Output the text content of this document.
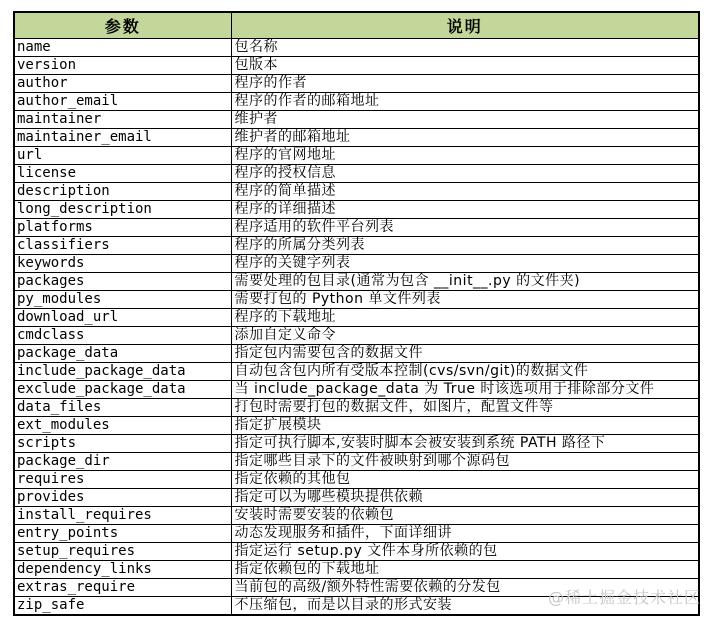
参数	说明
name	包名称
version	包版本
author	程序的作者
author_email	程序的作者的邮箱地址
maintainer	维护者
maintainer_email	维护者的邮箱地址
url	程序的官网地址
license	程序的授权信息
description	程序的简单描述
long_description	程序的详细描述
platforms	程序适用的软件平台列表
classifiers	程序的所属分类列表
keywords	程序的关键字列表
packages	需要处理的包目录(通常为包含 __init__.py 的文件夹)
py_modules	需要打包的 Python 单文件列表
download_url	程序的下载地址
cmdclass	添加自定义命令
package_data	指定包内需要包含的数据文件
include_package_data	自动包含包内所有受版本控制(cvs/svn/git)的数据文件
exclude_package_data	当 include_package_data 为 True 时该选项用于排除部分文件
data_files	打包时需要打包的数据文件，如图片，配置文件等
ext_modules	指定扩展模块
scripts	指定可执行脚本,安装时脚本会被安装到系统 PATH 路径下
package_dir	指定哪些目录下的文件被映射到哪个源码包
requires	指定依赖的其他包
provides	指定可以为哪些模块提供依赖
install_requires	安装时需要安装的依赖包
entry_points	动态发现服务和插件，下面详细讲
setup_requires	指定运行 setup.py 文件本身所依赖的包
dependency_links	指定依赖包的下载地址
extras_require	当前包的高级/额外特性需要依赖的分发包
zip_safe	不压缩包，而是以目录的形式安装	@稀土掘金技术社区
